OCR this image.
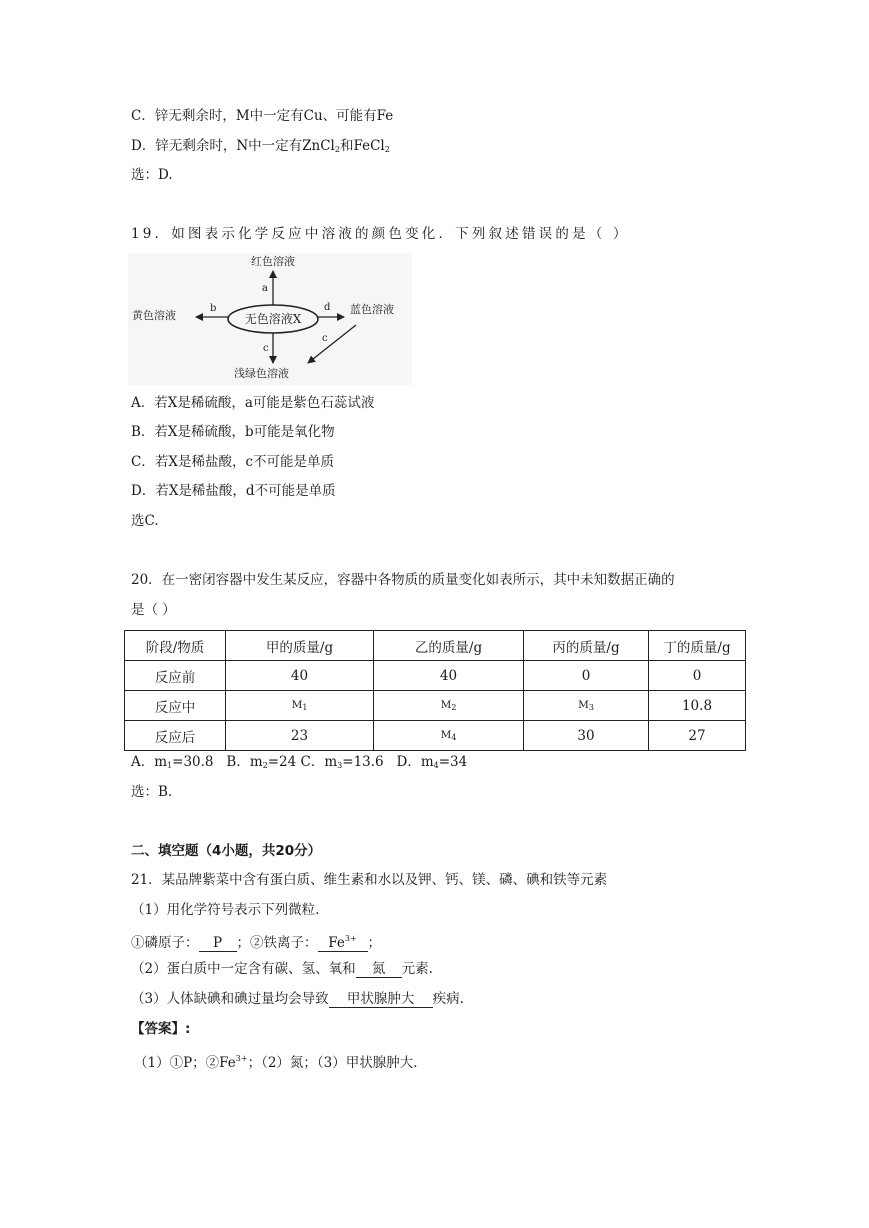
C．锌无剩余时，M中一定有Cu、可能有Fe
D．锌无剩余时，N中一定有ZnCl$_2$和FeCl$_2$
选：D.
19．如图表示化学反应中溶液的颜色变化．下列叙述错误的是（ ）
无色溶液X
红色溶液
黄色溶液	蓝色溶液
浅绿色溶液
a
b	d
c
c
A．若X是稀硫酸，a可能是紫色石蕊试液
B．若X是稀硫酸，b可能是氧化物
C．若X是稀盐酸，c不可能是单质
D．若X是稀盐酸，d不可能是单质
选C.
20．在一密闭容器中发生某反应，容器中各物质的质量变化如表所示，其中未知数据正确的
是（ ）
阶段/物质	甲的质量/g	乙的质量/g	丙的质量/g	丁的质量/g
反应前	40	40	0	0
反应中	$M_1$	$M_2$	$M_3$	10.8
反应后	23	$M_4$	30	27
A．$m_1=30.8$ B．$m_2=24$ C．$m_3=13.6$ D．$m_4=34$
选：B.
二、填空题（4小题，共20分）
21．某品牌紫菜中含有蛋白质、维生素和水以及钾、钙、镁、磷、碘和铁等元素
（1）用化学符号表示下列微粒.
①磷原子： P ；②铁离子： $Fe^{3+}$ ；
（2）蛋白质中一定含有碳、氢、氧和 氮 元素.
（3）人体缺碘和碘过量均会导致 甲状腺肿大 疾病.
【答案】:
（1）①P；$②Fe^{3+}$；（2）氮；（3）甲状腺肿大.
